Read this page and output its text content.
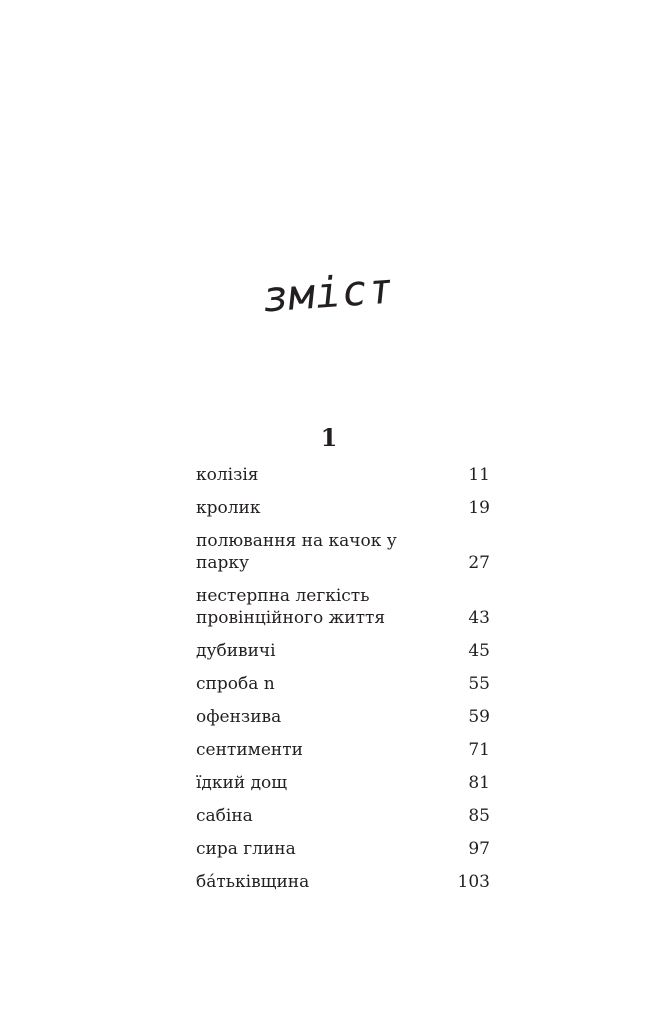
зміст
1
колізія	11
кролик	19
полювання на качок у парку	27
нестерпна легкість
провінційного життя	43
дубивичі	45
спроба n	55
офензива	59
сентименти	71
їдкий дощ	81
сабіна	85
сира глина	97
ба́тьківщина	103
